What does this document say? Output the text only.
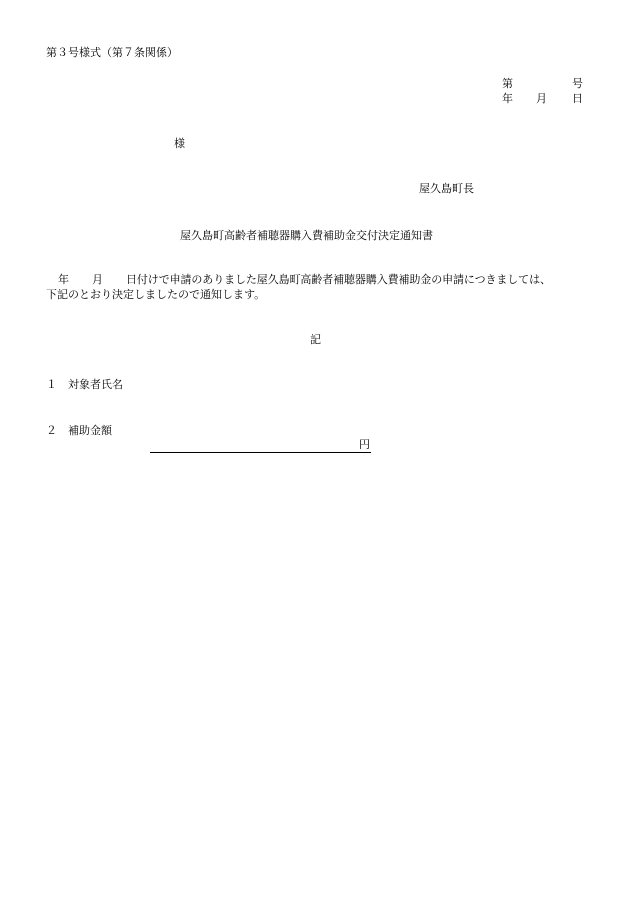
第３号様式（第７条関係）
第	号
年 月 日
様
屋久島町長
屋久島町高齢者補聴器購入費補助金交付決定通知書
年 月 日付けで申請のありました屋久島町高齢者補聴器購入費補助金の申請につきましては、
下記のとおり決定しましたので通知します。
記
１ 対象者氏名
２ 補助金額
円
